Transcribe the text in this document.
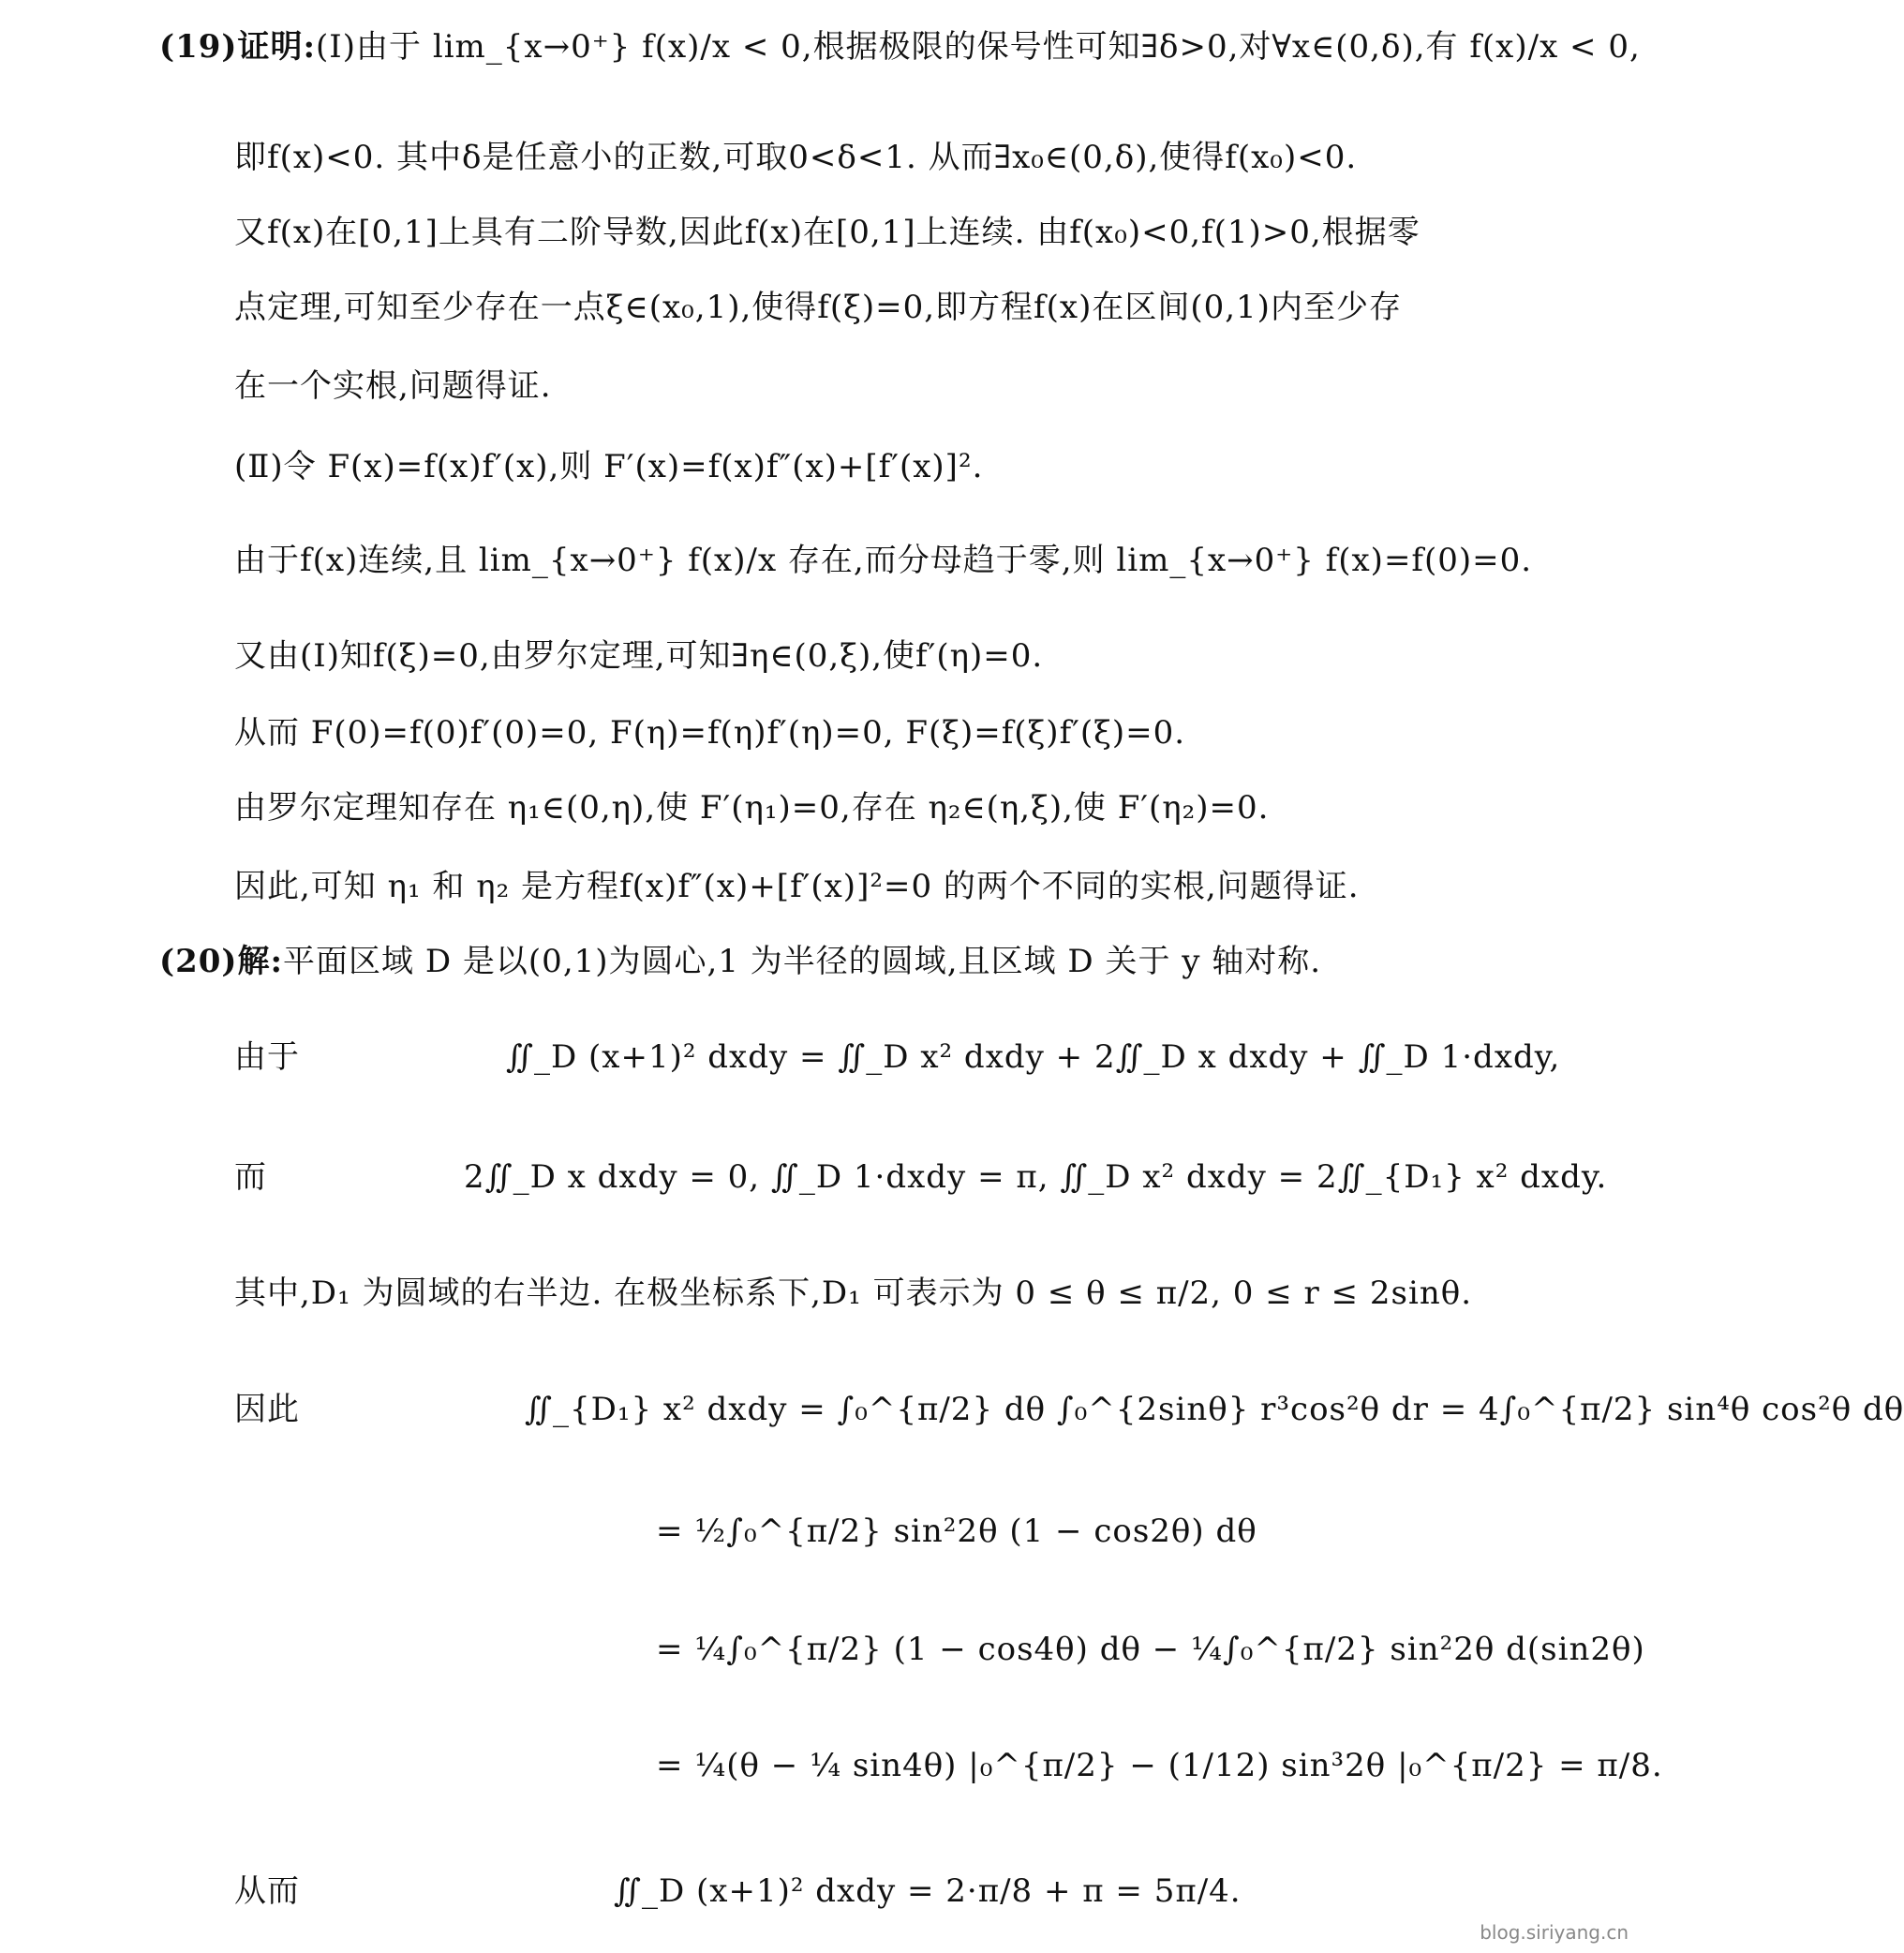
(19)证明:(Ⅰ)由于 lim_{x→0⁺} f(x)/x < 0,根据极限的保号性可知∃δ>0,对∀x∈(0,δ),有 f(x)/x < 0,
即f(x)<0. 其中δ是任意小的正数,可取0<δ<1. 从而∃x₀∈(0,δ),使得f(x₀)<0.
又f(x)在[0,1]上具有二阶导数,因此f(x)在[0,1]上连续. 由f(x₀)<0,f(1)>0,根据零
点定理,可知至少存在一点ξ∈(x₀,1),使得f(ξ)=0,即方程f(x)在区间(0,1)内至少存
在一个实根,问题得证.
(Ⅱ)令 F(x)=f(x)f′(x),则 F′(x)=f(x)f″(x)+[f′(x)]².
由于f(x)连续,且 lim_{x→0⁺} f(x)/x 存在,而分母趋于零,则 lim_{x→0⁺} f(x)=f(0)=0.
又由(Ⅰ)知f(ξ)=0,由罗尔定理,可知∃η∈(0,ξ),使f′(η)=0.
从而 F(0)=f(0)f′(0)=0, F(η)=f(η)f′(η)=0, F(ξ)=f(ξ)f′(ξ)=0.
由罗尔定理知存在 η₁∈(0,η),使 F′(η₁)=0,存在 η₂∈(η,ξ),使 F′(η₂)=0.
因此,可知 η₁ 和 η₂ 是方程f(x)f″(x)+[f′(x)]²=0 的两个不同的实根,问题得证.
(20)解:平面区域 D 是以(0,1)为圆心,1 为半径的圆域,且区域 D 关于 y 轴对称.
由于	∬_D (x+1)² dxdy = ∬_D x² dxdy + 2∬_D x dxdy + ∬_D 1·dxdy,
而	2∬_D x dxdy = 0, ∬_D 1·dxdy = π, ∬_D x² dxdy = 2∬_{D₁} x² dxdy.
其中,D₁ 为圆域的右半边. 在极坐标系下,D₁ 可表示为 0 ≤ θ ≤ π/2, 0 ≤ r ≤ 2sinθ.
因此	∬_{D₁} x² dxdy = ∫₀^{π/2} dθ ∫₀^{2sinθ} r³cos²θ dr = 4∫₀^{π/2} sin⁴θ cos²θ dθ
= ½∫₀^{π/2} sin²2θ (1 − cos2θ) dθ
= ¼∫₀^{π/2} (1 − cos4θ) dθ − ¼∫₀^{π/2} sin²2θ d(sin2θ)
= ¼(θ − ¼ sin4θ) |₀^{π/2} − (1/12) sin³2θ |₀^{π/2} = π/8.
从而	∬_D (x+1)² dxdy = 2·π/8 + π = 5π/4.
blog.siriyang.cn
